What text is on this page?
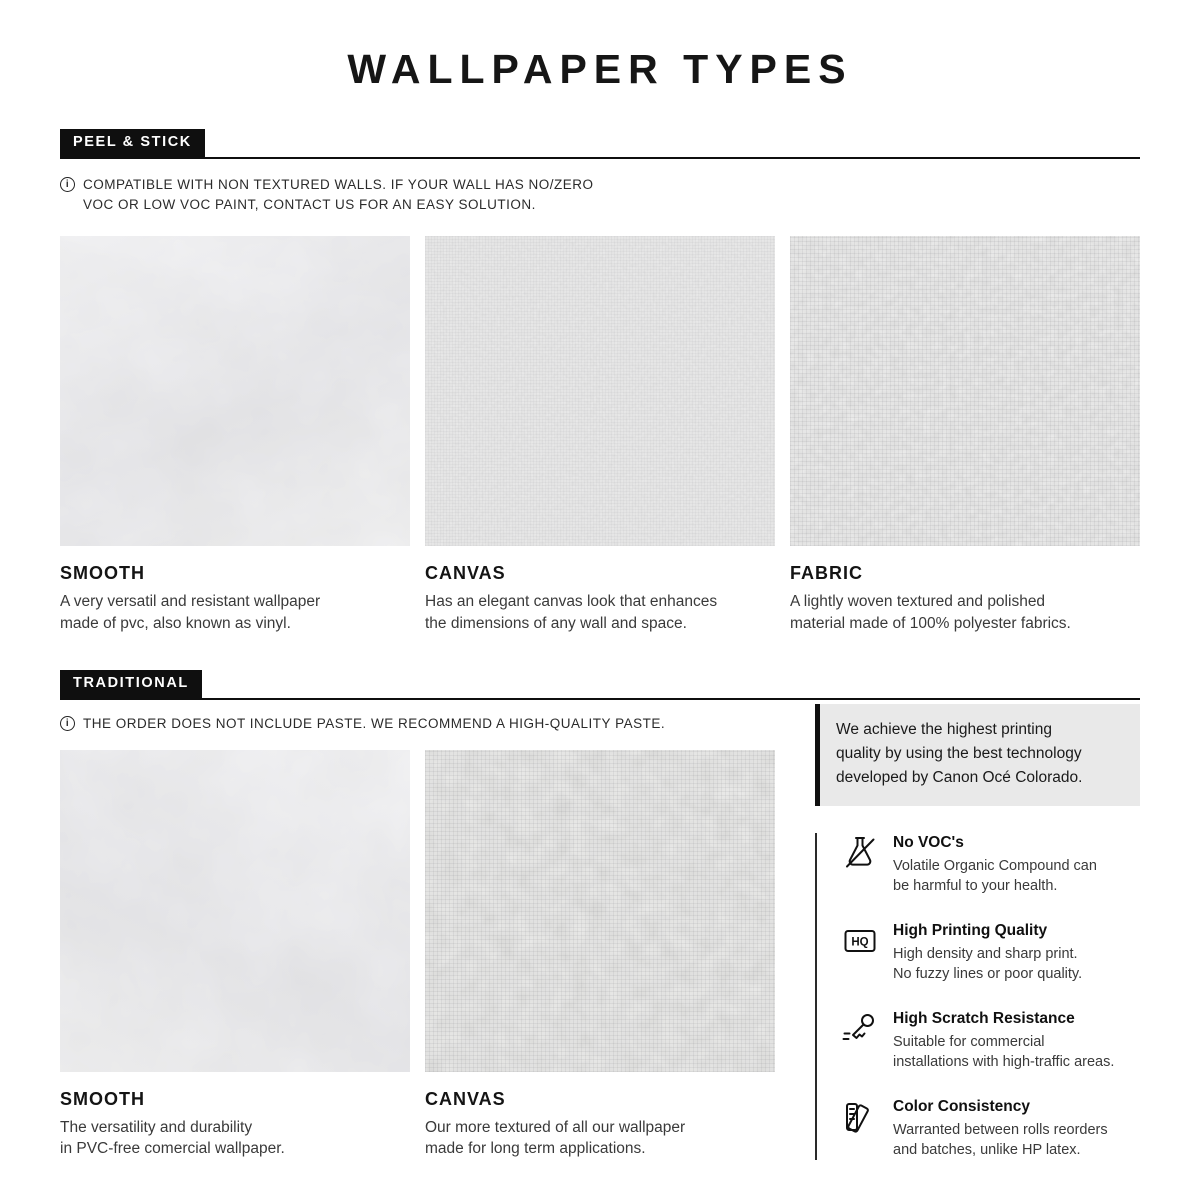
WALLPAPER TYPES
PEEL & STICK
i
COMPATIBLE WITH NON TEXTURED WALLS. IF YOUR WALL HAS NO/ZERO
VOC OR LOW VOC PAINT, CONTACT US FOR AN EASY SOLUTION.
SMOOTH
A very versatil and resistant wallpaper
made of pvc, also known as vinyl.
CANVAS
Has an elegant canvas look that enhances
the dimensions of any wall and space.
FABRIC
A lightly woven textured and polished
material made of 100% polyester fabrics.
TRADITIONAL
i
THE ORDER DOES NOT INCLUDE PASTE. WE RECOMMEND A HIGH-QUALITY PASTE.
SMOOTH
The versatility and durability
in PVC-free comercial wallpaper.
CANVAS
Our more textured of all our wallpaper
made for long term applications.
We achieve the highest printing
quality by using the best technology
developed by Canon Océ Colorado.
No VOC's
Volatile Organic Compound can
be harmful to your health.
HQ
High Printing Quality
High density and sharp print.
No fuzzy lines or poor quality.
High Scratch Resistance
Suitable for commercial
installations with high-traffic areas.
Color Consistency
Warranted between rolls reorders
and batches, unlike HP latex.
